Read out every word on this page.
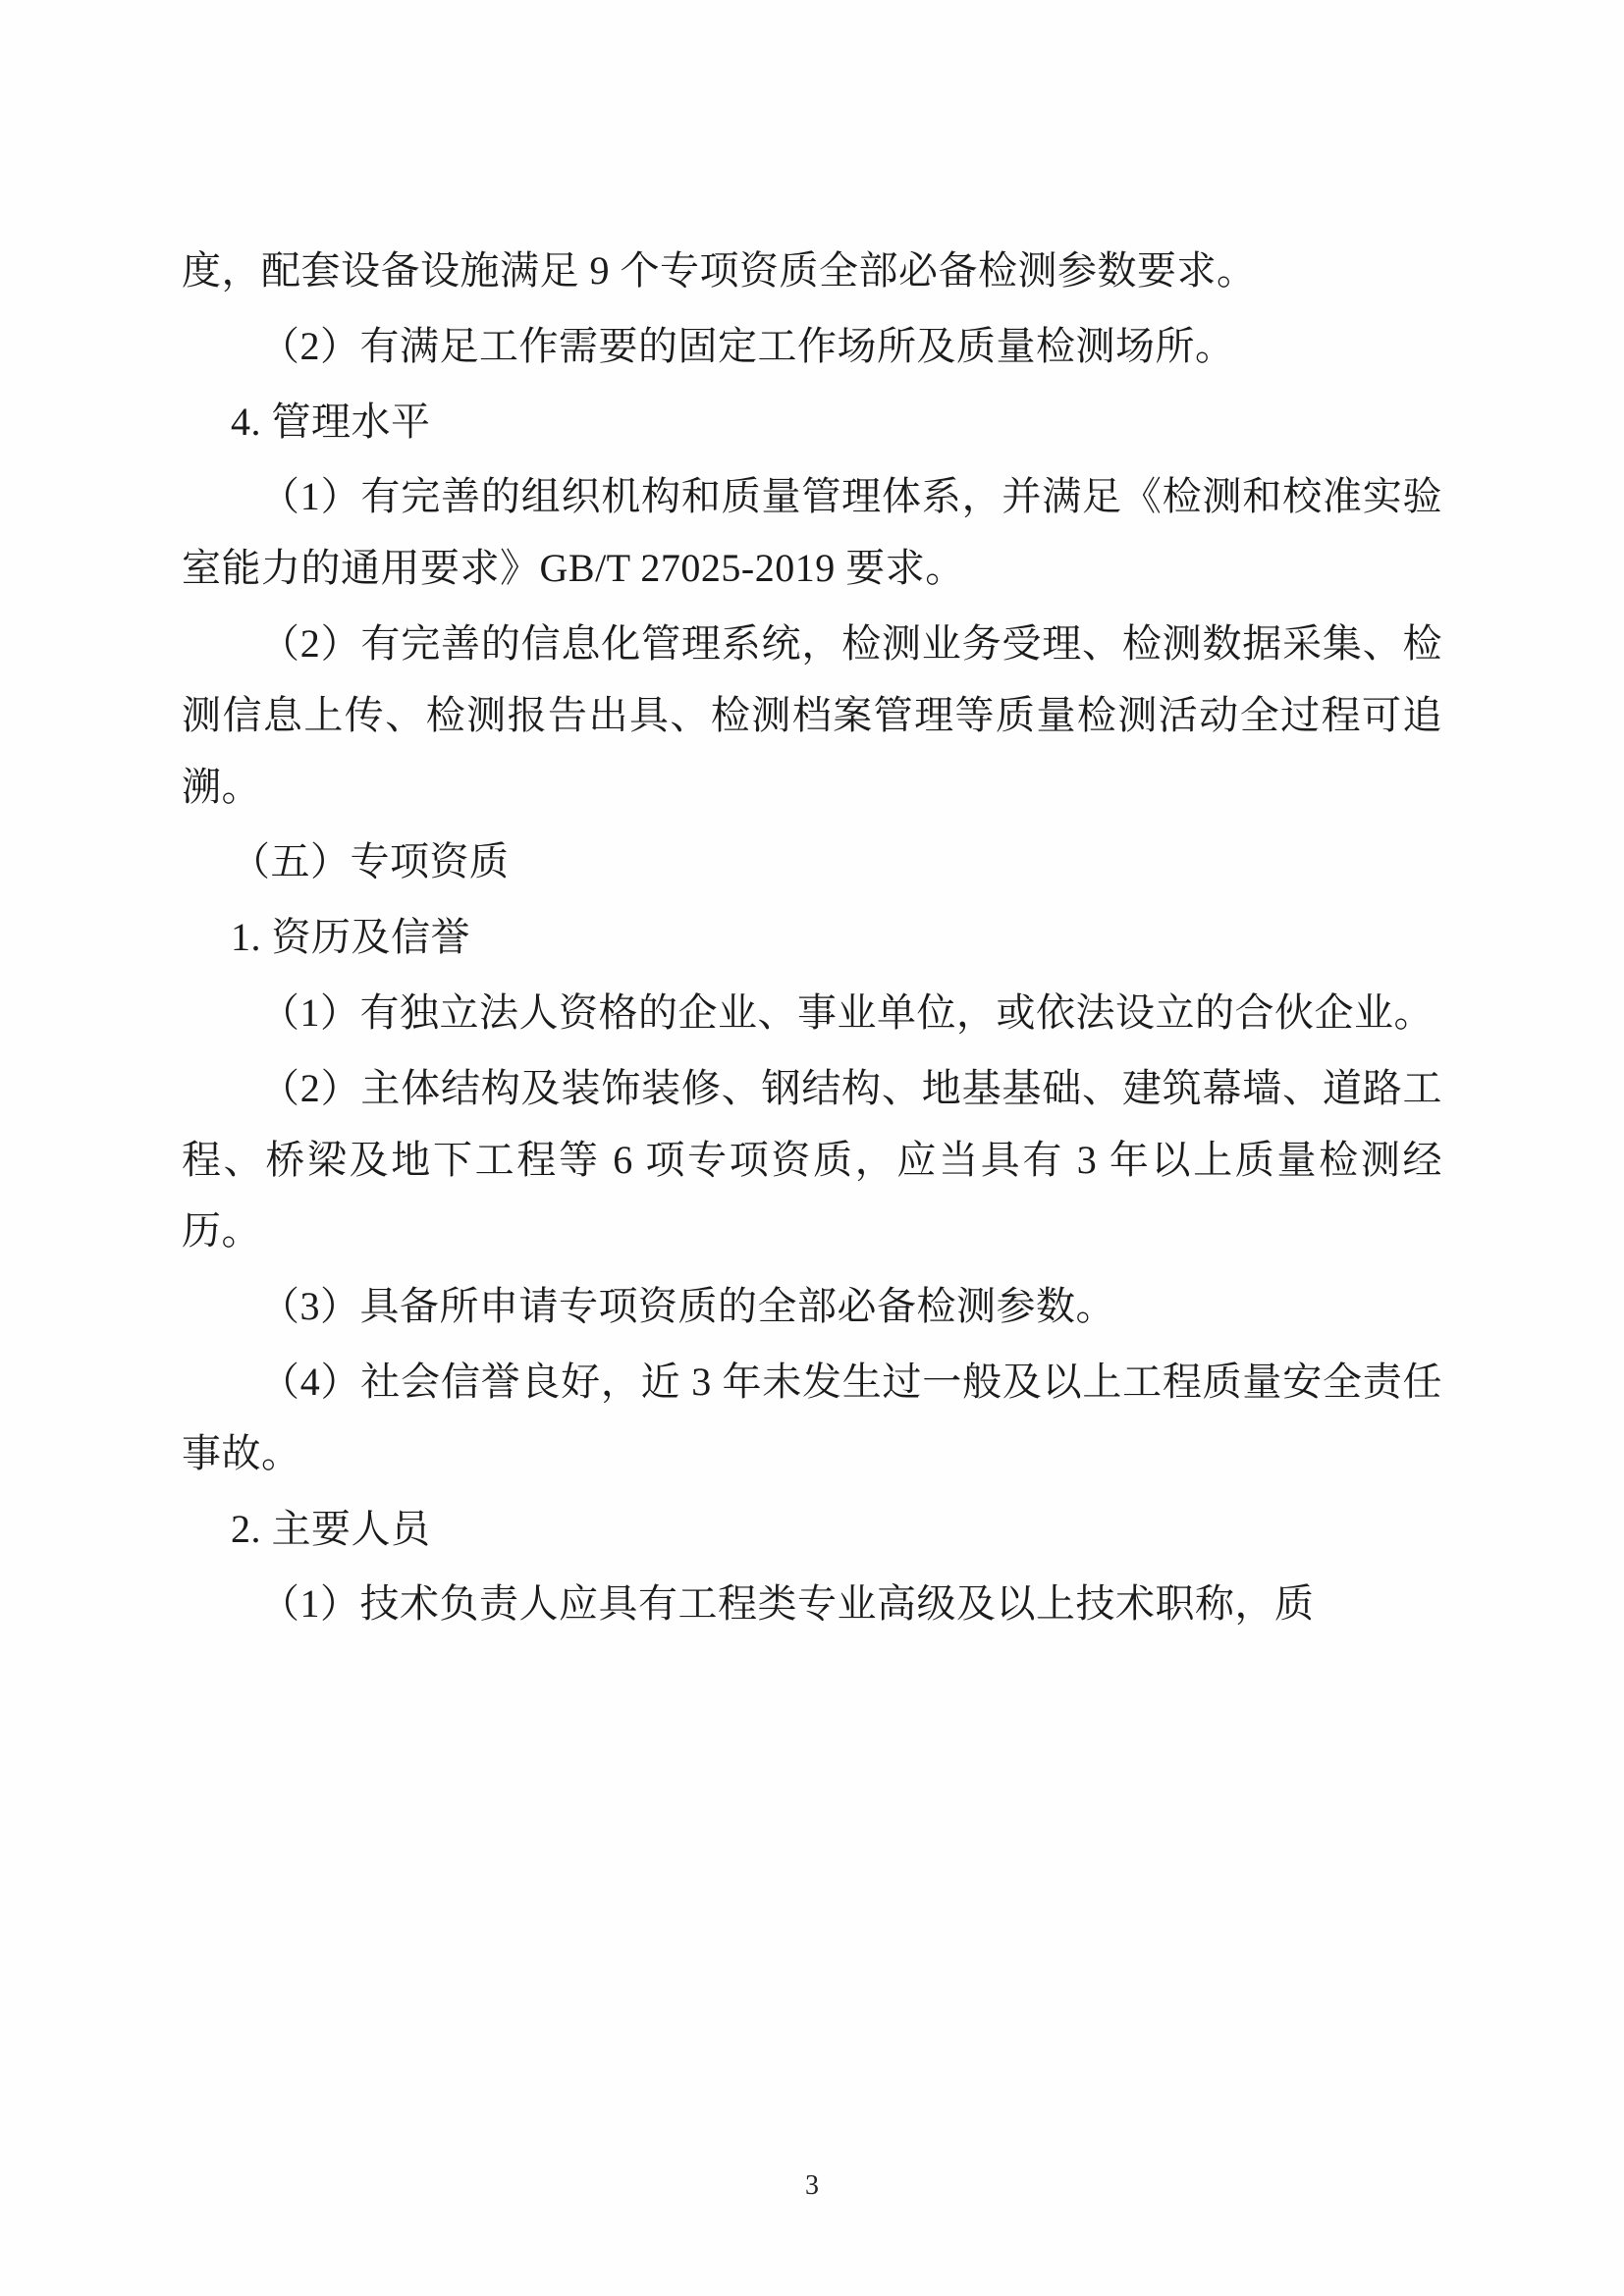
度，配套设备设施满足 9 个专项资质全部必备检测参数要求。

（2）有满足工作需要的固定工作场所及质量检测场所。

4. 管理水平

（1）有完善的组织机构和质量管理体系，并满足《检测和校准实验室能力的通用要求》GB/T 27025-2019 要求。

（2）有完善的信息化管理系统，检测业务受理、检测数据采集、检测信息上传、检测报告出具、检测档案管理等质量检测活动全过程可追溯。

（五）专项资质

1. 资历及信誉

（1）有独立法人资格的企业、事业单位，或依法设立的合伙企业。

（2）主体结构及装饰装修、钢结构、地基基础、建筑幕墙、道路工程、桥梁及地下工程等 6 项专项资质，应当具有 3 年以上质量检测经历。

（3）具备所申请专项资质的全部必备检测参数。

（4）社会信誉良好，近 3 年未发生过一般及以上工程质量安全责任事故。

2. 主要人员

（1）技术负责人应具有工程类专业高级及以上技术职称，质

3
